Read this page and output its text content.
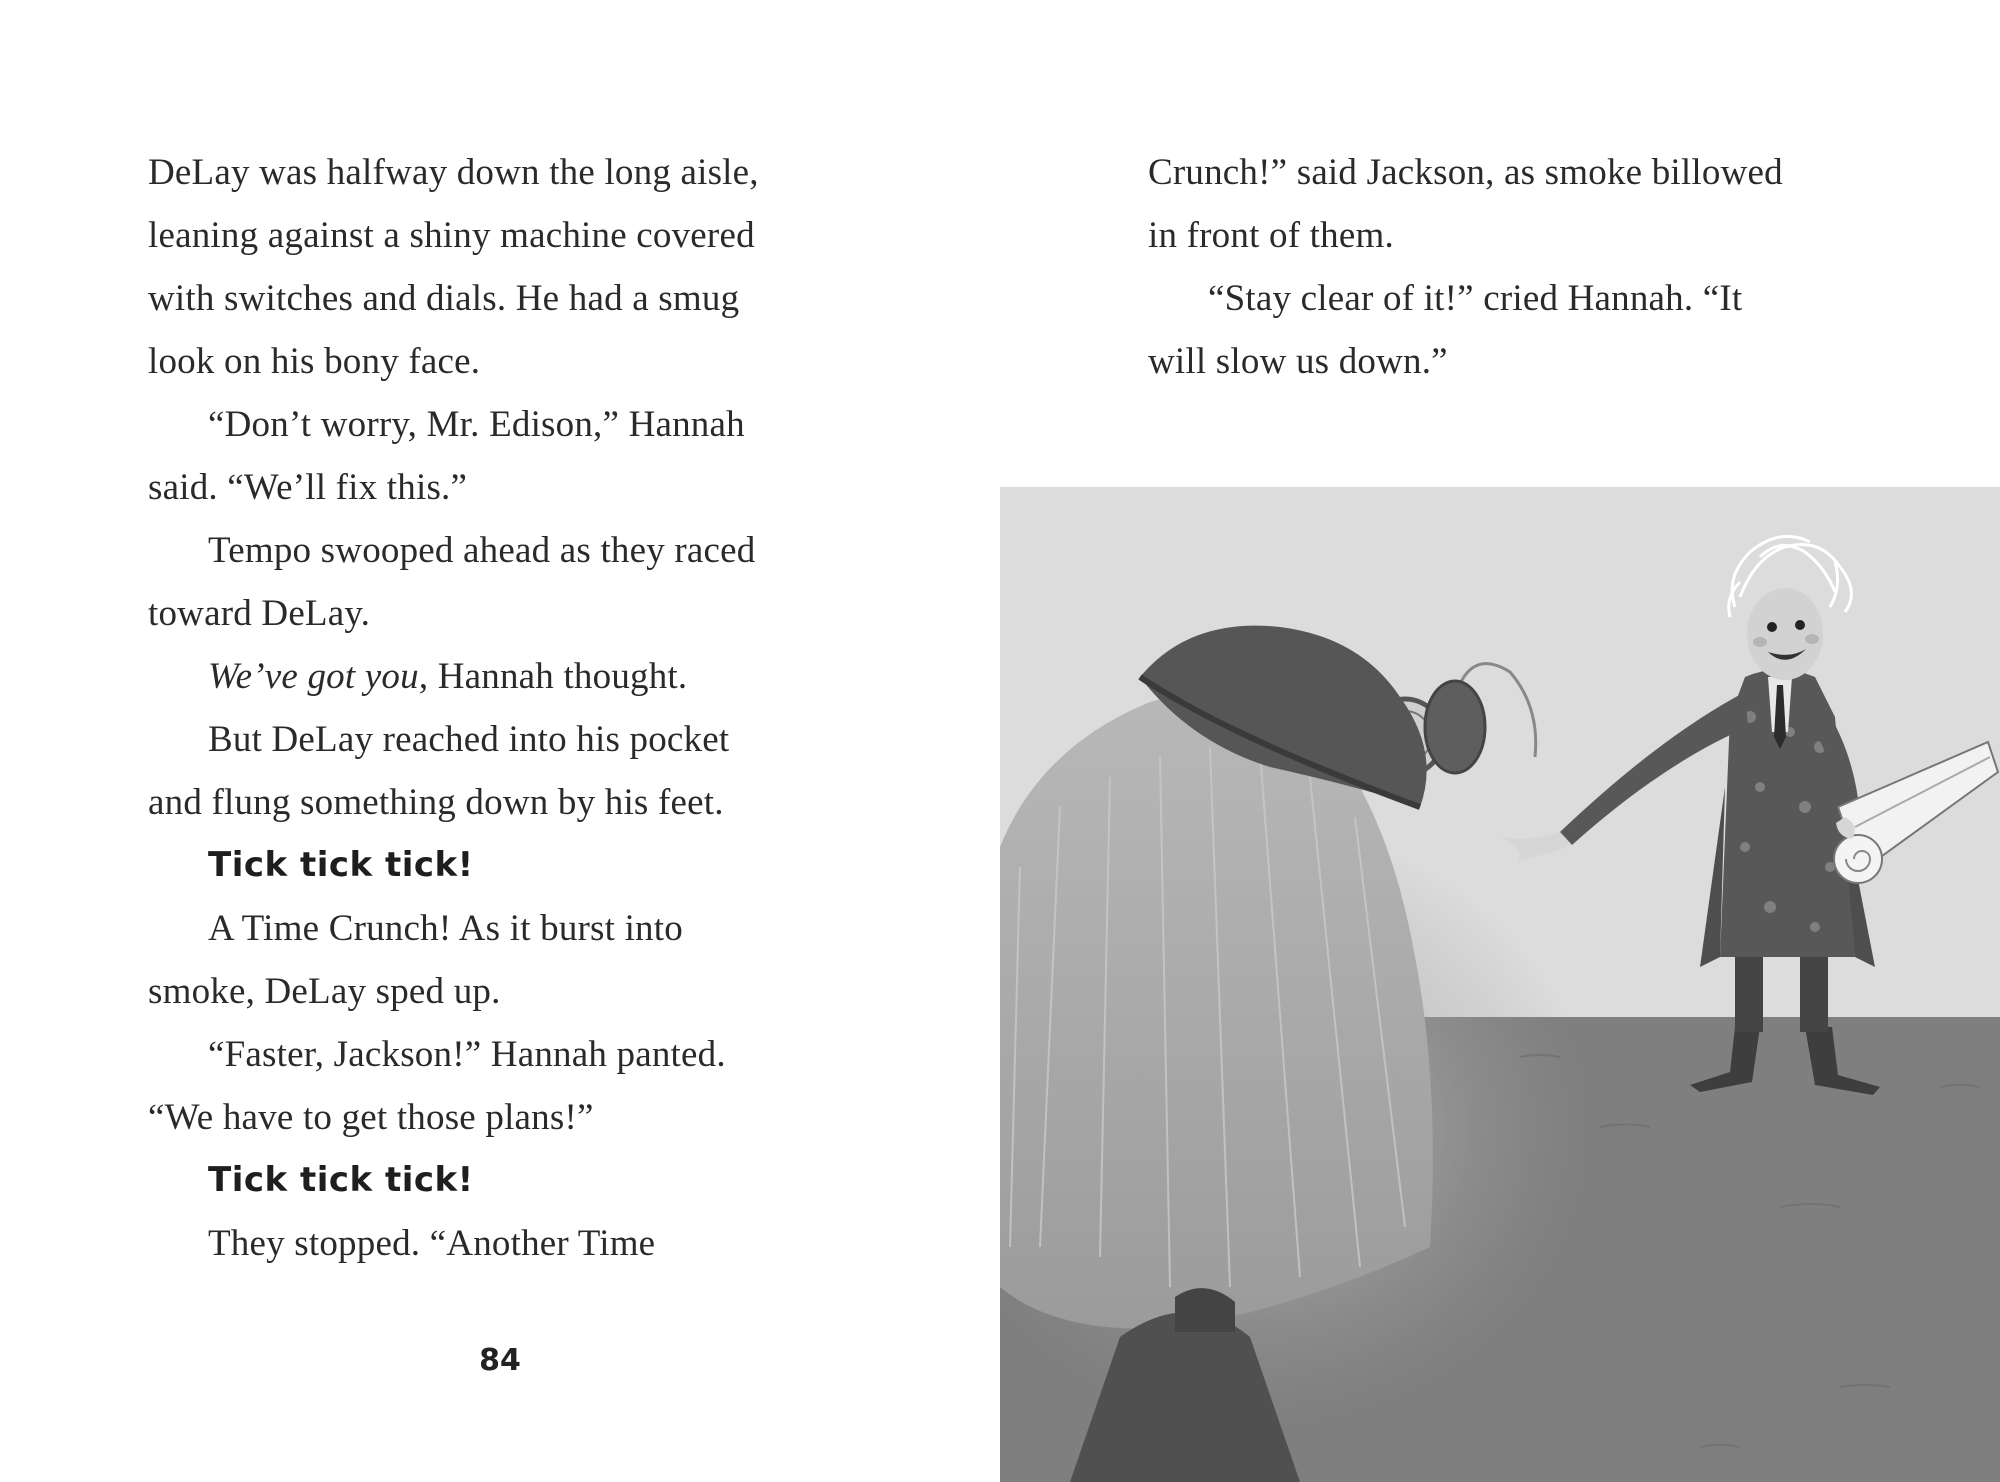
DeLay was halfway down the long aisle,
leaning against a shiny machine covered
with switches and dials. He had a smug
look on his bony face.
“Don’t worry, Mr. Edison,” Hannah
said. “We’ll fix this.”
Tempo swooped ahead as they raced
toward DeLay.
We’ve got you, Hannah thought.
But DeLay reached into his pocket
and flung something down by his feet.
Tick tick tick!
A Time Crunch! As it burst into
smoke, DeLay sped up.
“Faster, Jackson!” Hannah panted.
“We have to get those plans!”
Tick tick tick!
They stopped. “Another Time
84
Crunch!” said Jackson, as smoke billowed
in front of them.
“Stay clear of it!” cried Hannah. “It
will slow us down.”
